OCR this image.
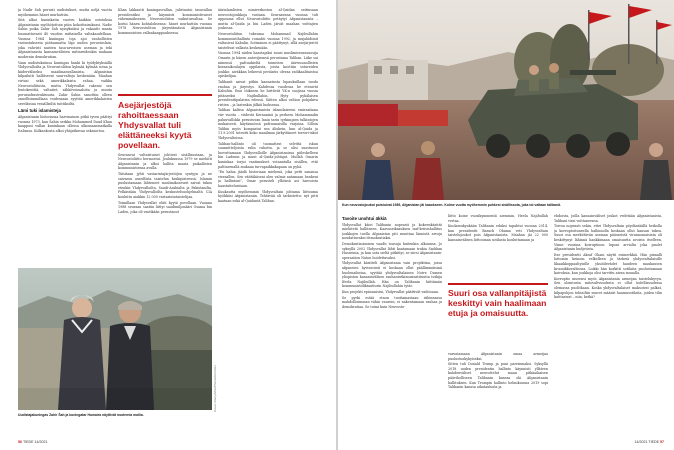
ja Nadir Šah perusti uudistukset, mutta neljä vuotta myöhemmin hänet murhattiin.

Sitä alkoi kuninkatin vuoteu kaikkia ostotoksia Afganistanin myöhötottoin piiin kokoittaisuksasi. Nadir Šahin poika Zahir Šah nyisyksiäisi ja vakautti maata huomattavasti 40 vuoden mittaisella valtakaudellaan. Vuonna 1964 kuningas toja ajoi vanhollisten vastustuksesta piittaamatta läpi uuden perustuslain, joka vahvisti naisten tasa-arvoisen aseman ja teki Afganistanista kansainvälisten mittareidenkin mukaan modernin demokratian.

Vaan uudistuksiinsa kuningas hanki ki työdyktyksiällä Yhdysvalloilta ja Neuvostoliiton kylmää kylmää sotaa ja käderväliseksi maailmanvallanista. Afganistan kilpailutti hallitsevat suurvaltoja keskenään. Maahan virtasi sekä amerikkalaista rahaa, vaikka Neuvostoliitosta, mutta Yhdysvallat rakensi sen lentokenttiä, valtatiet, sähkövoimaloita ja muuta perusinfrastruktuuria. Zahir Šahin sanottiin olleen onnellisimmillaan voidessaan syyttää amerikkalaisten sevelässua vesiällisiltä tuittiksiltä.

Lämi tuki islamisteja

Afganistanin historiassa harvinainen pitkä tyven päättyi vuonna 1973, kun Šahin serkku Mohammed Daud Khan kaappasi vallan kuninkaan ollessa ulkomaanmatkalla Italiassa. Kolkankosta alkoi yhäjatkuvaa sekasortoa.

Khan lakkautti kuningasvallan, julistautui tasavallan presidentiksi ja käynnisti kommunistivaiset vähemmäksesen Neuvostoliiton vaikutusvaltaa. Se koitui hänen kohtaloksensa: hänet murhattiin vuonna 1978 Neuvostoliton järjestämässä Afganistanin kommunistien vallankaappauksessa.

Seuraavat valtaistuiset johtivat sisällissotaan, ja Neuvostoliitto hermostui. Joulukuussa 1979 se miehitti Afganistanin ja alkoi hallita maata paikallisten kommunistiensa avulla.

Täisitaan jyhti vastarintajärjestöjen syntyyn ja ne saivaron asseillista taistelun keskipisteessä. Islamin puolustamaan lähteneet muslimikoseurit saivat tukea etenkin Yhdysvalloilta, Saudi-Arabialta ja Pakistanilta. Pelkästään Yhdysvalloilta keskustelusohjelmaltä CIA kouluttu aiakkin 12 000 vastarintataistelijaa.

Toimillaan Yhdysvallat eläti kyytä povellaan. Vuonna 1988 seuraan saatiin liittyi saudimiljonääri Osama bin Laden, joka oli vastikään perustanut

Asejärjestöjä rahoittaessaan Yhdysvallat tuli elättäneeksi kyytä povellaan.

äärinlamlisten nimiverkoston al-Qaidan seitinsaan neuvostojoukkoja vastaan. Seuraavana vuonna tuli uppouma ellut Neuvostoliitto petäytyi Afganistanista – mutta al-Qaida ja bin Laden jäivät maahan voittajien joukossa.

Neuvostoliiton tukeuma Mohammad Najibullahin kommunistihallinto romahti vuonna 1992, ja mujahidiinit valtasivat Kabulin. Sotiminen ei päättynyt, sillä asejärjestöt taistelivat vallasta keskenään.

Vuonna 1994 niiden haastajaksi nousi muslimiseurasuosija Omarin ja hänen antovijiemsä perustama Taliban. Liike sai nimensä paštuukieltä toimivien äärivuunollisten koraanikoulujen oppilaista, joista koottiin sotureiden joukko: aiväkkan leikeesä periäntis olevaa radikaalitaistoa opiskelijaa.

Talibanit saivat pitkin kannatusta lupauksillaan tuoda rauhaa ja järjestys. Kahdessa vuodessa he etenivät Kabuliin. Ensi töikseen he hirttivät YK:n suojissa vuosia pitäneeksi Najibullahin. Hyty pyhälaisen presidenttipalatsin edessä. Siitten alkoi valtion pohjakiva ristien – ja lastenkin jälkiä luoksessa.

Taliban kaltisa Afganistanista islamilaiseeni emiraatiana viiv vuotta – viidestä Kernaninä ja perheen Mohammadin paluuvallokki perustuvan lanin tarin tyrkimpien tulkintojen mukaisesti, käytännössä paštuunaisilla varjoina. Silloin Talibin myös kompastui sen äliskein, kun al-Qaida ja 11.9.2001 toteutti koko maailmaa järkyttäneet terrori-iskut Yhdysvaltoissa.

Taliban-hallinto oli tuomattavi selvittä iskun suunnitteljoista eslin ruhotta, ja se olisi suostunut luovuttamaan Yhdysvalloille Afganistanissa piileskelleen bin Ladenin ja muut al-Qaida-johtajat. Mullah Omarin kuninkaa torjui vaatimukset votaantulla sisällen, että palttarenallä mukaan turvapaikkakapaan on pyhä.

”En halua jäädä historiaan miehenä, joka petti sanansa vieraallen. Sen väittäkäseni olen valmis antamaan henkeni ja hallintoni”, Omar perusteli ylbönsä asi harvoista haastatteluistaan.

Kuukautta myöhemmin Yhdysvaltain johtama liittouma hyökkäsi Afganistaniin. Tehtävää oli tarkistettu: nyt pitti kaatuan sekä al-Qaidantä Taliban.

Uudistajakuningas Zahir Šah ja kuningatar Humaira näyttivät modernia mallia.
Kuvat: Alamy/MostPhotos/KUVAGJ
56 TIEDE 14/2021
Kun neuvostojoukot poistuivat 1989, Afganistan jäi kaaokseen. Kolme vuotta myöhemmin puhkesi sisällissota, joka toi valtaan talibanit.
Tavoite unohtui äkkiä

Yhdysvallat käivi Talibanin nopeasti ja kokeenkäsittä miehitetä hallitseen. Kaavaseiksauksen isaf-kriisishallitus joukkojen tuella Afganistan piti muuttaa lännistä arvoja noudattavaksi demokratiaksi.

Demokratisoimisen vaadti tousuja kuitenkin alkuunsa. Jo syksyllä 2002 Yhdysvallat lähti kaatamaan trakia Saddam Husseinia, ja kun sota sieltä pitkittyi, se siirsi Afganistanin-operaation Naton hoidettavaksi.

Yhdysvallat käsitteli Afganistania vain projektina, jossa afganeien hyvinvointi ei koskaan ollut päällimmäisinä huolenaiheina, syyttää yhdysvaltalainen Notre Damen yliopiston kansainvälisen rauhantutkimusinstituutin tutkija Ifeela Najibullah. Hän on Talibanin hiittämän kommunistidiktaattorin Najibullahin tytär.

Kun projekti epäonnistui, Yhdysvallat päättivät vaihtoaan.

Se pyrki estää etnon tuottamastaan rähinnassa mahdollisimman vähin vauroin, ei nakentamaan rauhaa ja demokratiaa. Se toimi kuin Neuvosto-

liitto koine vuosikymmentä aiemmin, Heela Najibullah vertaa.

Kuolamukynkään Talibanin eduksi tapahtui vuonna 2014, kun presidentti Barack Obama veti Yhdysvaltain taistelujoukot pois Afganistanista. Maahan jäi 22 000 kansainvälisen liittouman sotilasta kouluttamaan ja

Suuri osa vallanpitäjistä keskittyi vain haalimaan etuja ja omaisuutta.

varustamaan Afganistanin omaa armeijaa puolustuskykyiseksi.

Sitten tuli Donald Trump ja pani paremmaksi. Syksyllä 2018 uuden presidentin hallinto käynnisti ylläteen kahdenväliset neuvottelut maan pitkäaikaisen pääviholliseen Talibanin kanssa ohi Afganistanin hallituksen. Kun Trumpin hallinto helmikuussa 2019 sopi Talibanin kanssa aikataulusta ja

ehdoista, joilla kansainväliset joukot vedetään Afganistanista, Talibani tiesi voittaneensa.

Toivoa nopeasti sekin, ettei Yhdysvaltain pöydäntäällä heikolla ja korruptoituneella hallinnolla koskaan ollut kansan tukea. Suuri osa merkittävän aseman päässeistä virannomaisista oli keskittynyt lähinnä hankkimaan omaisuutta avoista itselleen. Viime vuosina korruptioon luponi arviolta joka paulet Afganistanin budjetista.

Itse presidentti Akraf Ghani näytti esimerkkiä. Hän pinnalli lattomin keinoin velkelleen ja tärkeiä yhdysvaltalaisille likaaikkoppaaltyisille yksiöilevädet haudeen maukausen kroonikkovaltiossa. Liokki hän korkitti sotilaita puolustamaan kaivoksia, kun joukkoja olisi tarvittu aivan muualla.

Korruptio murensi myös Afganistanin armeijan taistelukyvyn. Sen olemtusta mitovaltvuudesta ei ollut todellisuudessa olemassa puolitkaan. Koska yhdysvaltalaiset maksoivat palkat, kilpapohjon tehtailtin suuret määrät haamusotilaita, joiden tilin kuittasivat – niin, ketkä?

14/2021 TIEDE 57
